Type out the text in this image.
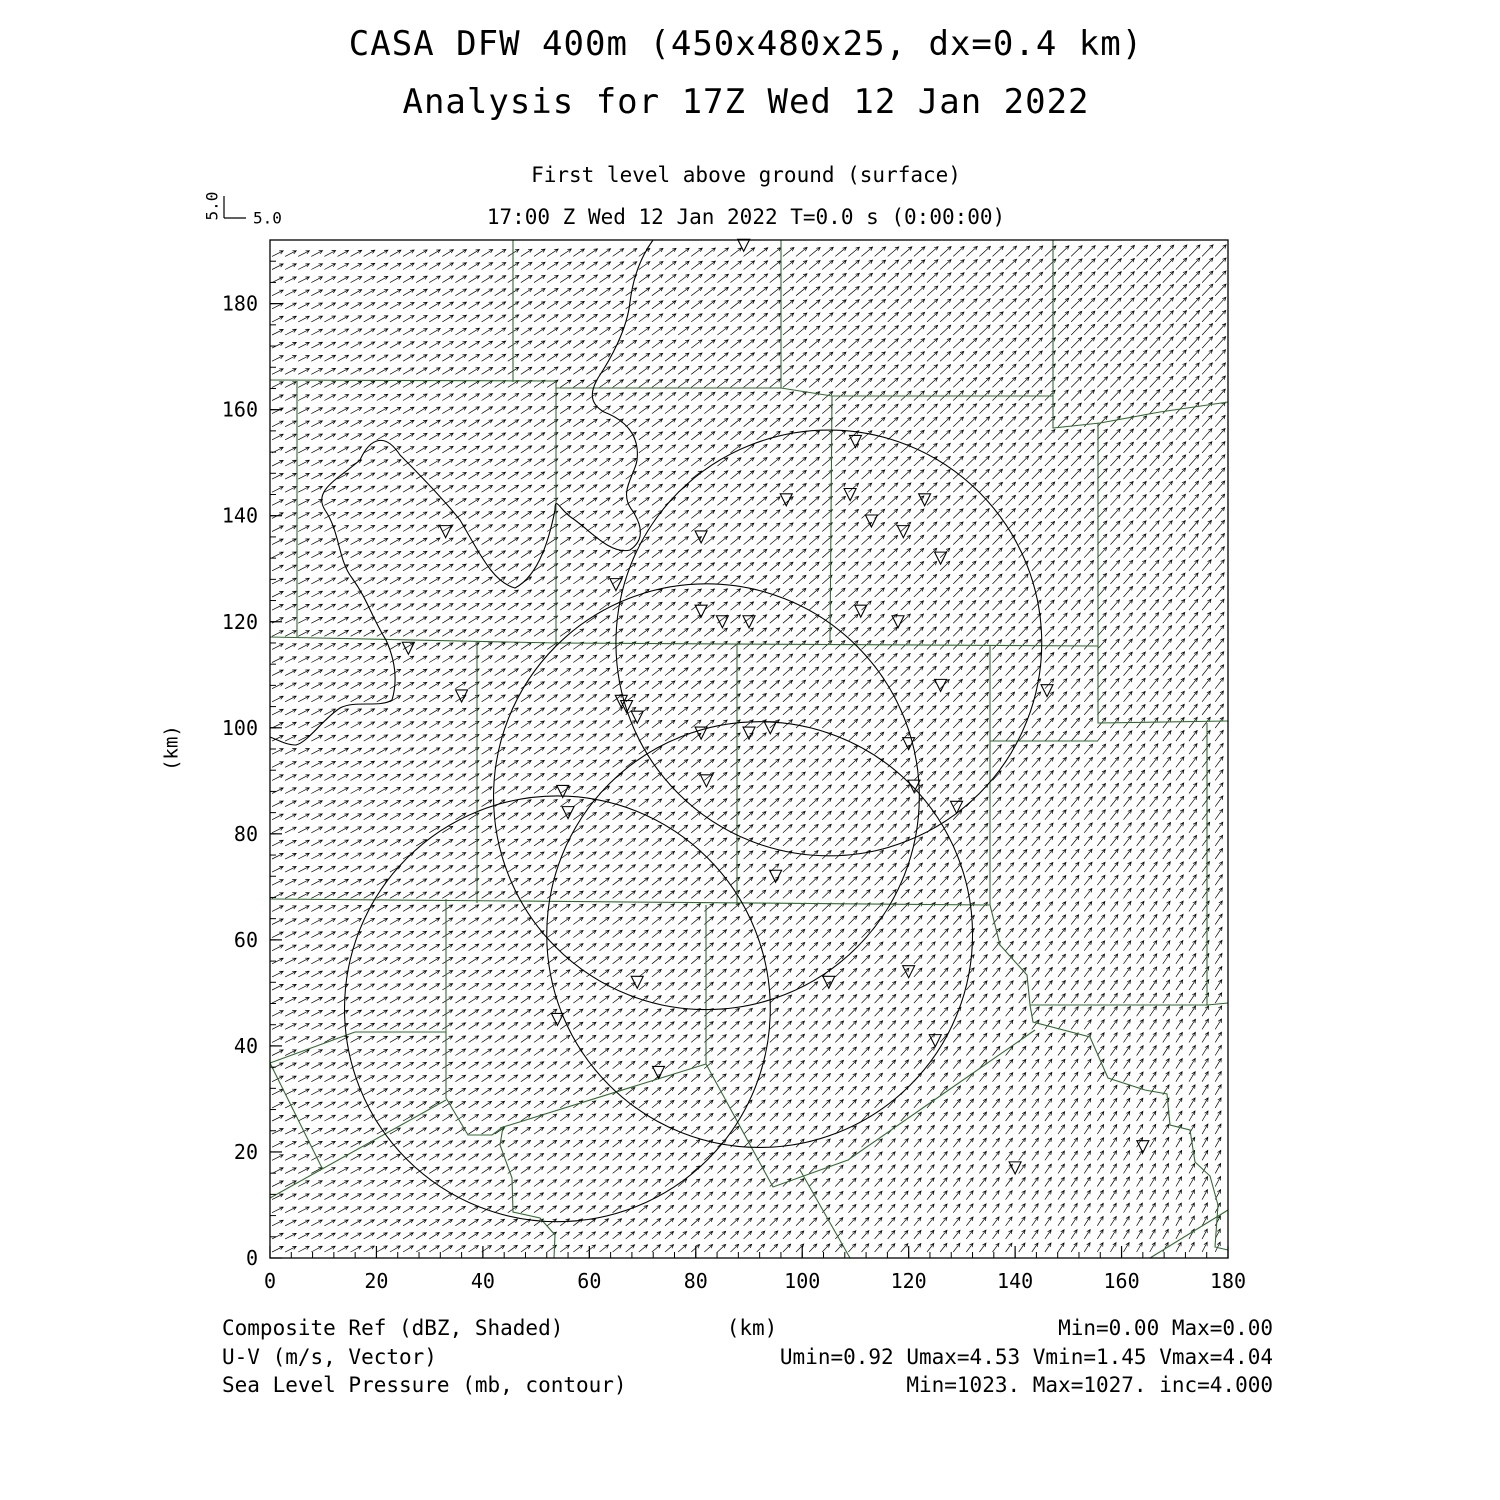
CASA DFW 400m (450x480x25, dx=0.4 km)
Analysis for 17Z Wed 12 Jan 2022
First level above ground (surface)
17:00 Z Wed 12 Jan 2022 T=0.0 s (0:00:00)
0	20	40	60	80	100	120	140	160	180
0
20
40
60
80
100
120
140
160
180
5.0
5.0
(km)
Composite Ref (dBZ, Shaded)
U-V (m/s, Vector)
Sea Level Pressure (mb, contour)
(km)	Min=0.00 Max=0.00
Umin=0.92 Umax=4.53 Vmin=1.45 Vmax=4.04
Min=1023. Max=1027. inc=4.000
